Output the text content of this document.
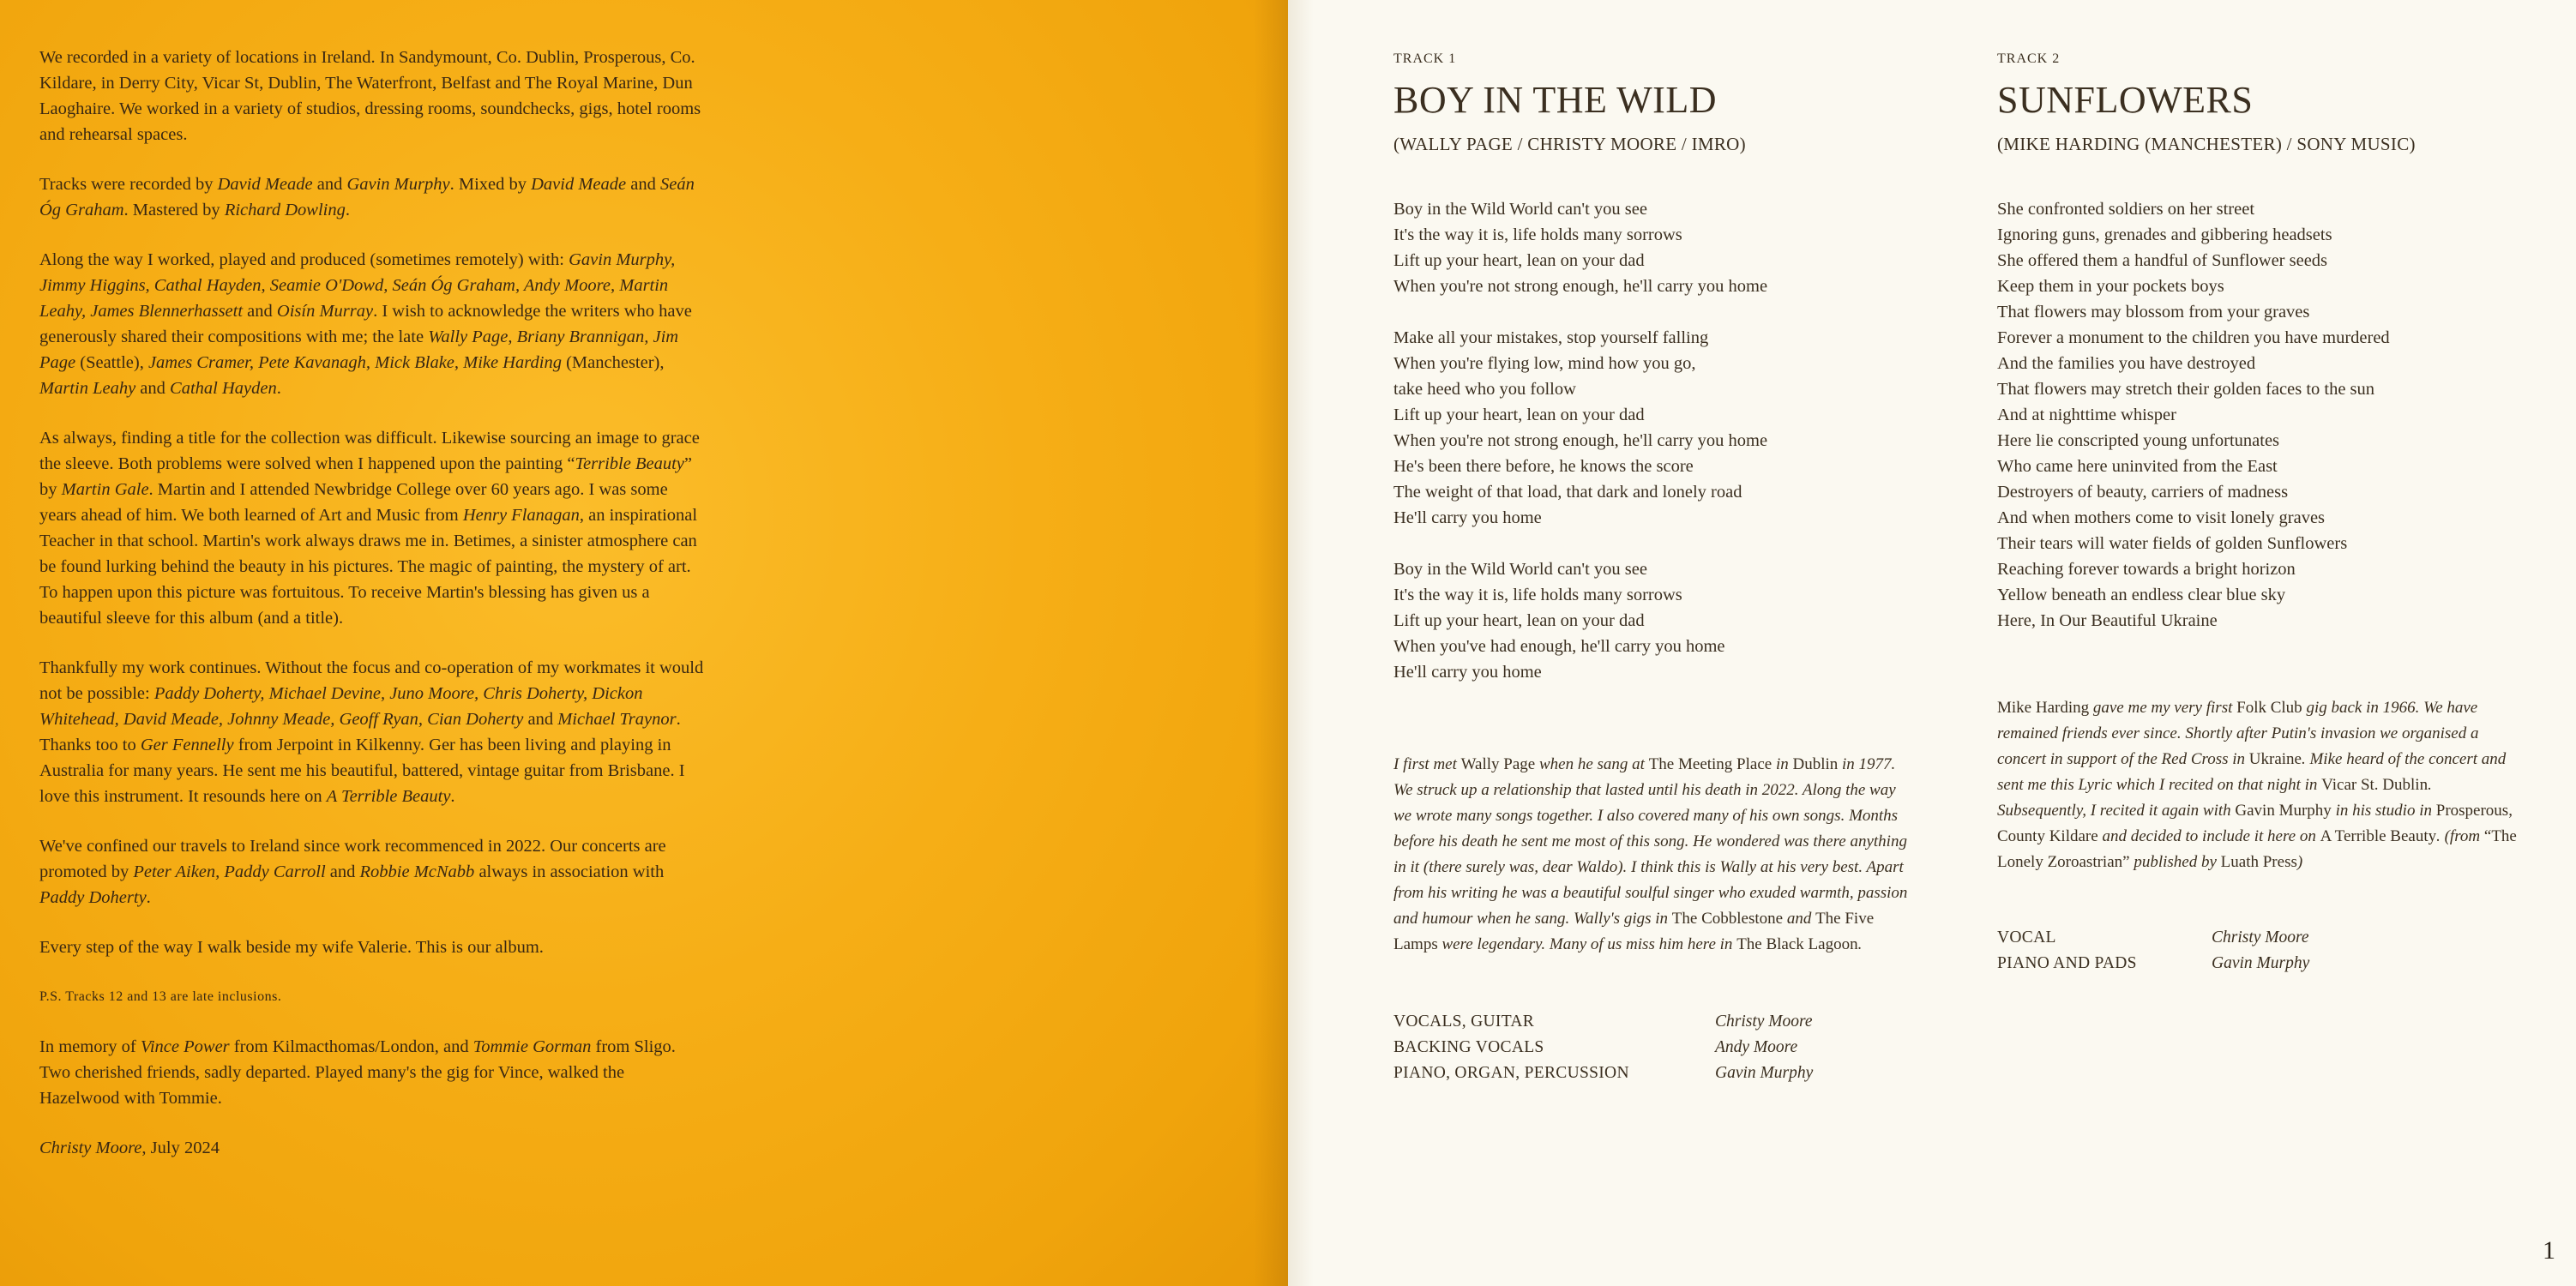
We recorded in a variety of locations in Ireland. In Sandymount, Co. Dublin, Prosperous, Co. Kildare, in Derry City, Vicar St, Dublin, The Waterfront, Belfast and The Royal Marine, Dun Laoghaire. We worked in a variety of studios, dressing rooms, soundchecks, gigs, hotel rooms and rehearsal spaces.

Tracks were recorded by David Meade and Gavin Murphy. Mixed by David Meade and Seán Óg Graham. Mastered by Richard Dowling.

Along the way I worked, played and produced (sometimes remotely) with: Gavin Murphy, Jimmy Higgins, Cathal Hayden, Seamie O'Dowd, Seán Óg Graham, Andy Moore, Martin Leahy, James Blennerhassett and Oisín Murray. I wish to acknowledge the writers who have generously shared their compositions with me; the late Wally Page, Briany Brannigan, Jim Page (Seattle), James Cramer, Pete Kavanagh, Mick Blake, Mike Harding (Manchester), Martin Leahy and Cathal Hayden.

As always, finding a title for the collection was difficult. Likewise sourcing an image to grace the sleeve. Both problems were solved when I happened upon the painting “Terrible Beauty” by Martin Gale. Martin and I attended Newbridge College over 60 years ago. I was some years ahead of him. We both learned of Art and Music from Henry Flanagan, an inspirational Teacher in that school. Martin's work always draws me in. Betimes, a sinister atmosphere can be found lurking behind the beauty in his pictures. The magic of painting, the mystery of art. To happen upon this picture was fortuitous. To receive Martin's blessing has given us a beautiful sleeve for this album (and a title).

Thankfully my work continues. Without the focus and co-operation of my workmates it would not be possible: Paddy Doherty, Michael Devine, Juno Moore, Chris Doherty, Dickon Whitehead, David Meade, Johnny Meade, Geoff Ryan, Cian Doherty and Michael Traynor. Thanks too to Ger Fennelly from Jerpoint in Kilkenny. Ger has been living and playing in Australia for many years. He sent me his beautiful, battered, vintage guitar from Brisbane. I love this instrument. It resounds here on A Terrible Beauty.

We've confined our travels to Ireland since work recommenced in 2022. Our concerts are promoted by Peter Aiken, Paddy Carroll and Robbie McNabb always in association with Paddy Doherty.

Every step of the way I walk beside my wife Valerie. This is our album.

P.S. Tracks 12 and 13 are late inclusions.

In memory of Vince Power from Kilmacthomas/London, and Tommie Gorman from Sligo. Two cherished friends, sadly departed. Played many's the gig for Vince, walked the Hazelwood with Tommie.

Christy Moore, July 2024

TRACK 1
BOY IN THE WILD
(WALLY PAGE / CHRISTY MOORE / IMRO)
Boy in the Wild World can't you see
It's the way it is, life holds many sorrows
Lift up your heart, lean on your dad
When you're not strong enough, he'll carry you home
Make all your mistakes, stop yourself falling
When you're flying low, mind how you go,
take heed who you follow
Lift up your heart, lean on your dad
When you're not strong enough, he'll carry you home
He's been there before, he knows the score
The weight of that load, that dark and lonely road
He'll carry you home
Boy in the Wild World can't you see
It's the way it is, life holds many sorrows
Lift up your heart, lean on your dad
When you've had enough, he'll carry you home
He'll carry you home
I first met Wally Page when he sang at The Meeting Place in Dublin in 1977. We struck up a relationship that lasted until his death in 2022. Along the way we wrote many songs together. I also covered many of his own songs. Months before his death he sent me most of this song. He wondered was there anything in it (there surely was, dear Waldo). I think this is Wally at his very best. Apart from his writing he was a beautiful soulful singer who exuded warmth, passion and humour when he sang. Wally's gigs in The Cobblestone and The Five Lamps were legendary. Many of us miss him here in The Black Lagoon.
VOCALS, GUITAR	Christy Moore
BACKING VOCALS	Andy Moore
PIANO, ORGAN, PERCUSSION	Gavin Murphy
TRACK 2
SUNFLOWERS
(MIKE HARDING (MANCHESTER) / SONY MUSIC)
She confronted soldiers on her street
Ignoring guns, grenades and gibbering headsets
She offered them a handful of Sunflower seeds
Keep them in your pockets boys
That flowers may blossom from your graves
Forever a monument to the children you have murdered
And the families you have destroyed
That flowers may stretch their golden faces to the sun
And at nighttime whisper
Here lie conscripted young unfortunates
Who came here uninvited from the East
Destroyers of beauty, carriers of madness
And when mothers come to visit lonely graves
Their tears will water fields of golden Sunflowers
Reaching forever towards a bright horizon
Yellow beneath an endless clear blue sky
Here, In Our Beautiful Ukraine
Mike Harding gave me my very first Folk Club gig back in 1966. We have remained friends ever since. Shortly after Putin's invasion we organised a concert in support of the Red Cross in Ukraine. Mike heard of the concert and sent me this Lyric which I recited on that night in Vicar St. Dublin. Subsequently, I recited it again with Gavin Murphy in his studio in Prosperous, County Kildare and decided to include it here on A Terrible Beauty. (from “The Lonely Zoroastrian” published by Luath Press)
VOCAL	Christy Moore
PIANO AND PADS	Gavin Murphy
1
